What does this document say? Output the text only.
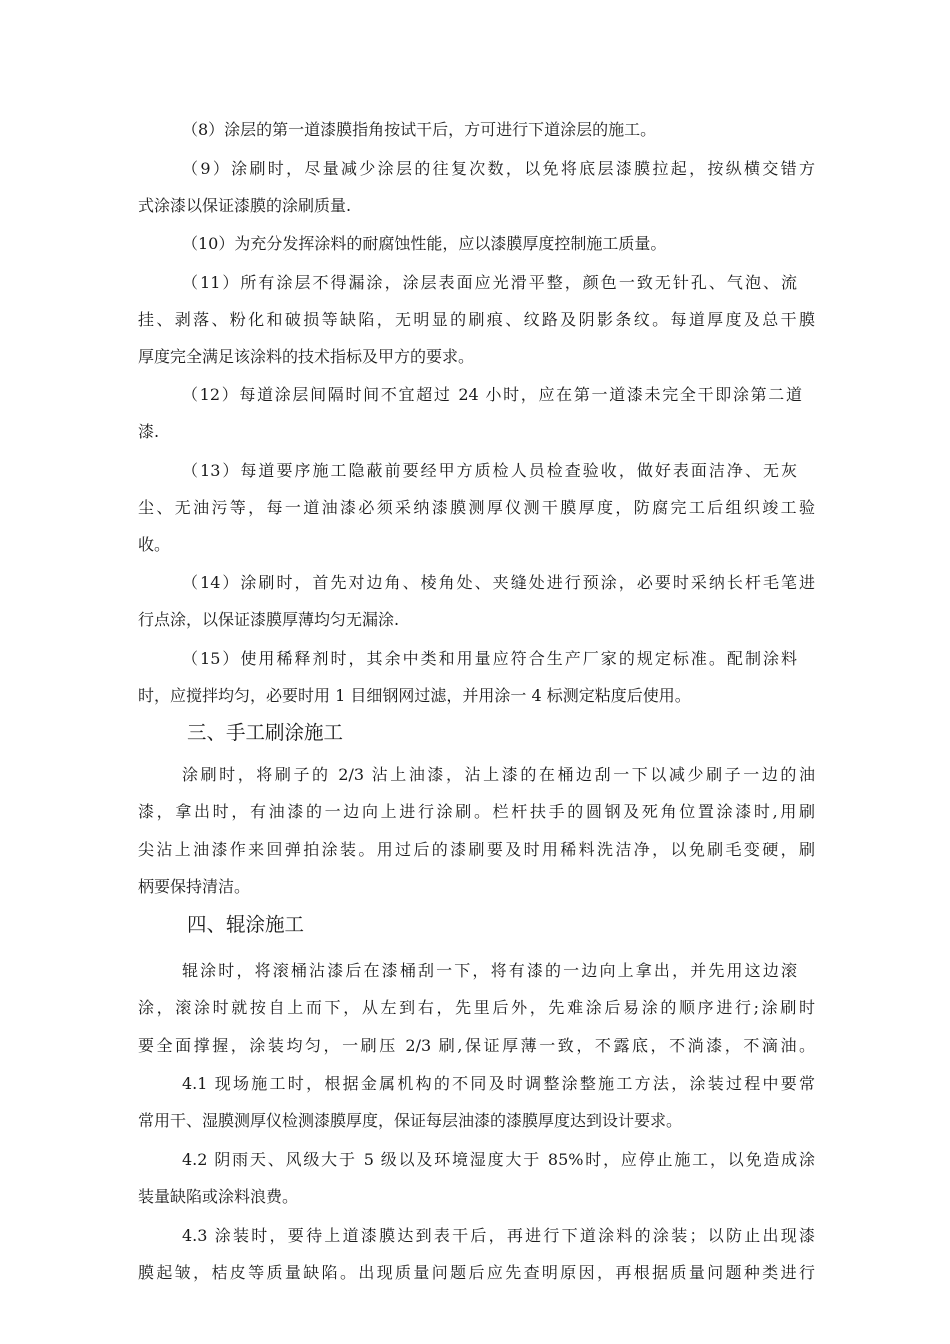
（8）涂层的第一道漆膜指角按试干后，方可进行下道涂层的施工。
（9）涂刷时，尽量减少涂层的往复次数，以免将底层漆膜拉起，按纵横交错方
式涂漆以保证漆膜的涂刷质量.
（10）为充分发挥涂料的耐腐蚀性能，应以漆膜厚度控制施工质量。
（11）所有涂层不得漏涂，涂层表面应光滑平整，颜色一致无针孔、气泡、流
挂、剥落、粉化和破损等缺陷，无明显的刷痕、纹路及阴影条纹。每道厚度及总干膜
厚度完全满足该涂料的技术指标及甲方的要求。
（12）每道涂层间隔时间不宜超过 24 小时，应在第一道漆未完全干即涂第二道
漆.
（13）每道要序施工隐蔽前要经甲方质检人员检查验收，做好表面洁净、无灰
尘、无油污等，每一道油漆必须采纳漆膜测厚仪测干膜厚度，防腐完工后组织竣工验
收。
（14）涂刷时，首先对边角、棱角处、夹缝处进行预涂，必要时采纳长杆毛笔进
行点涂，以保证漆膜厚薄均匀无漏涂.
（15）使用稀释剂时，其余中类和用量应符合生产厂家的规定标准。配制涂料
时，应搅拌均匀，必要时用 1 目细钢网过滤，并用涂一 4 标测定粘度后使用。
三、手工刷涂施工
涂刷时，将刷子的 2/3 沾上油漆，沾上漆的在桶边刮一下以减少刷子一边的油
漆，拿出时，有油漆的一边向上进行涂刷。栏杆扶手的圆钢及死角位置涂漆时,用刷
尖沾上油漆作来回弹拍涂装。用过后的漆刷要及时用稀料洗洁净，以免刷毛变硬，刷
柄要保持清洁。
四、辊涂施工
辊涂时，将滚桶沾漆后在漆桶刮一下，将有漆的一边向上拿出，并先用这边滚
涂，滚涂时就按自上而下，从左到右，先里后外，先难涂后易涂的顺序进行;涂刷时
要全面撑握，涂装均匀，一刷压 2/3 刷,保证厚薄一致，不露底，不淌漆，不滴油。
4.1 现场施工时，根据金属机构的不同及时调整涂整施工方法，涂装过程中要常
常用干、湿膜测厚仪检测漆膜厚度，保证每层油漆的漆膜厚度达到设计要求。
4.2 阴雨天、风级大于 5 级以及环境湿度大于 85%时，应停止施工，以免造成涂
装量缺陷或涂料浪费。
4.3 涂装时，要待上道漆膜达到表干后，再进行下道涂料的涂装；以防止出现漆
膜起皱，桔皮等质量缺陷。出现质量问题后应先查明原因，再根据质量问题种类进行
